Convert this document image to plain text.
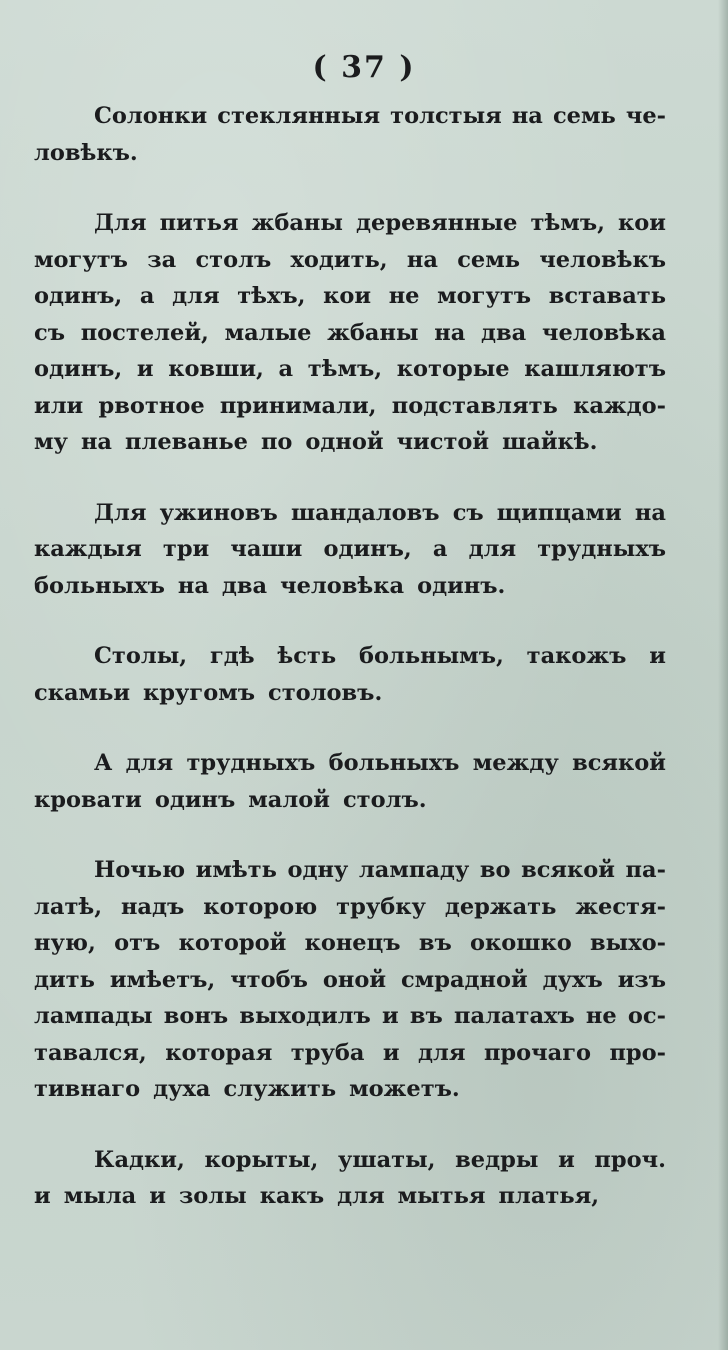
( 37 )
Солонки стеклянныя толстыя на семь че-
ловѣкъ.
Для питья жбаны деревянные тѣмъ, кои
могутъ за столъ ходить, на семь человѣкъ
одинъ, а для тѣхъ, кои не могутъ вставать
съ постелей, малые жбаны на два человѣка
одинъ, и ковши, а тѣмъ, которые кашляютъ
или рвотное принимали, подставлять каждо-
му на плеванье по одной чистой шайкѣ.
Для ужиновъ шандаловъ съ щипцами на
каждыя три чаши одинъ, а для трудныхъ
больныхъ на два человѣка одинъ.
Столы, гдѣ ѣсть больнымъ, такожъ и
скамьи кругомъ столовъ.
А для трудныхъ больныхъ между всякой
кровати одинъ малой столъ.
Ночью имѣть одну лампаду во всякой па-
латѣ, надъ которою трубку держать жестя-
ную, отъ которой конецъ въ окошко выхо-
дить имѣетъ, чтобъ оной смрадной духъ изъ
лампады вонъ выходилъ и въ палатахъ не ос-
тавался, которая труба и для прочаго про-
тивнаго духа служить можетъ.
Кадки, корыты, ушаты, ведры и проч.
и мыла и золы какъ для мытья платья,
